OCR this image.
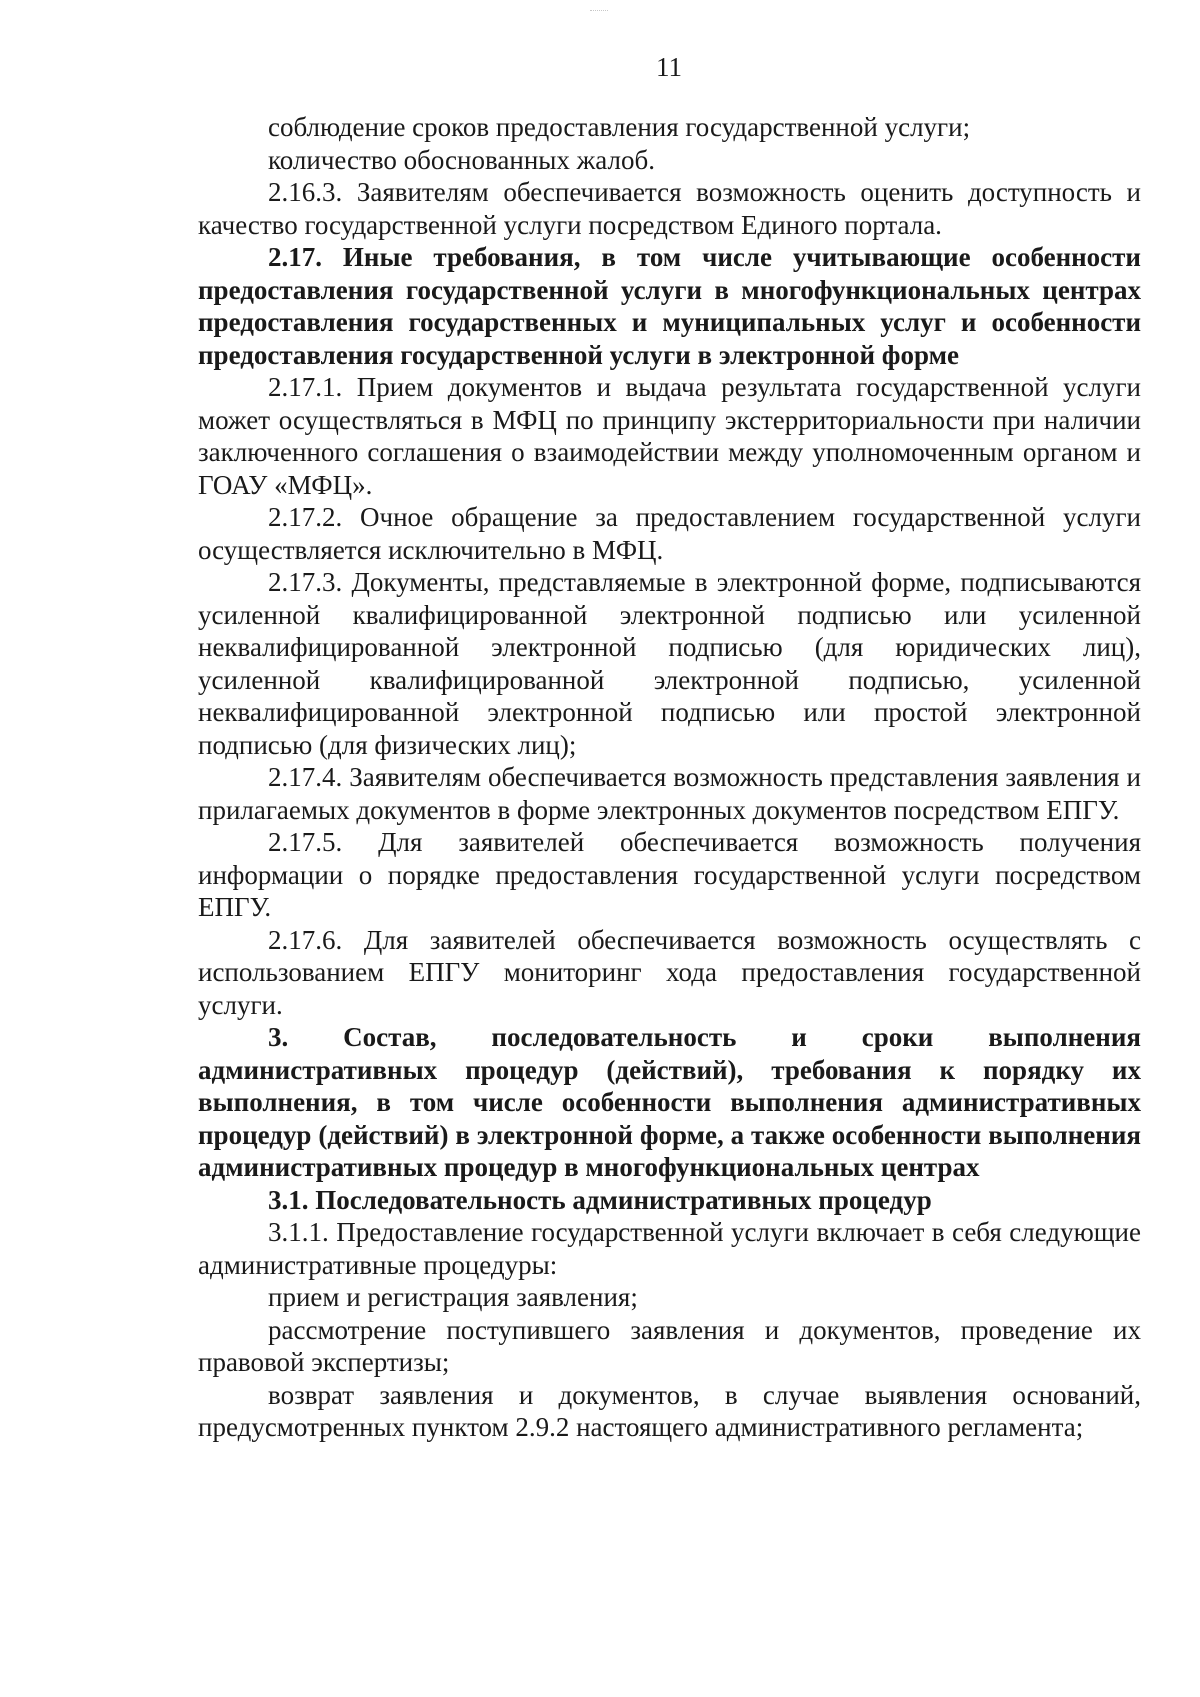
11

соблюдение сроков предоставления государственной услуги;

количество обоснованных жалоб.

2.16.3. Заявителям обеспечивается возможность оценить доступность и качество государственной услуги посредством Единого портала.

2.17. Иные требования, в том числе учитывающие особенности предоставления государственной услуги в многофункциональных центрах предоставления государственных и муниципальных услуг и особенности предоставления государственной услуги в электронной форме

2.17.1. Прием документов и выдача результата государственной услуги может осуществляться в МФЦ по принципу экстерриториальности при наличии заключенного соглашения о взаимодействии между уполномоченным органом и ГОАУ «МФЦ».

2.17.2. Очное обращение за предоставлением государственной услуги осуществляется исключительно в МФЦ.

2.17.3. Документы, представляемые в электронной форме, подписываются усиленной квалифицированной электронной подписью или усиленной неквалифицированной электронной подписью (для юридических лиц), усиленной квалифицированной электронной подписью, усиленной неквалифицированной электронной подписью или простой электронной подписью (для физических лиц);

2.17.4. Заявителям обеспечивается возможность представления заявления и прилагаемых документов в форме электронных документов посредством ЕПГУ.

2.17.5. Для заявителей обеспечивается возможность получения информации о порядке предоставления государственной услуги посредством ЕПГУ.

2.17.6. Для заявителей обеспечивается возможность осуществлять с использованием ЕПГУ мониторинг хода предоставления государственной услуги.

3. Состав, последовательность и сроки выполнения административных процедур (действий), требования к порядку их выполнения, в том числе особенности выполнения административных процедур (действий) в электронной форме, а также особенности выполнения административных процедур в многофункциональных центрах

3.1. Последовательность административных процедур

3.1.1. Предоставление государственной услуги включает в себя следующие административные процедуры:

прием и регистрация заявления;

рассмотрение поступившего заявления и документов, проведение их правовой экспертизы;

возврат заявления и документов, в случае выявления оснований, предусмотренных пунктом 2.9.2 настоящего административного регламента;
